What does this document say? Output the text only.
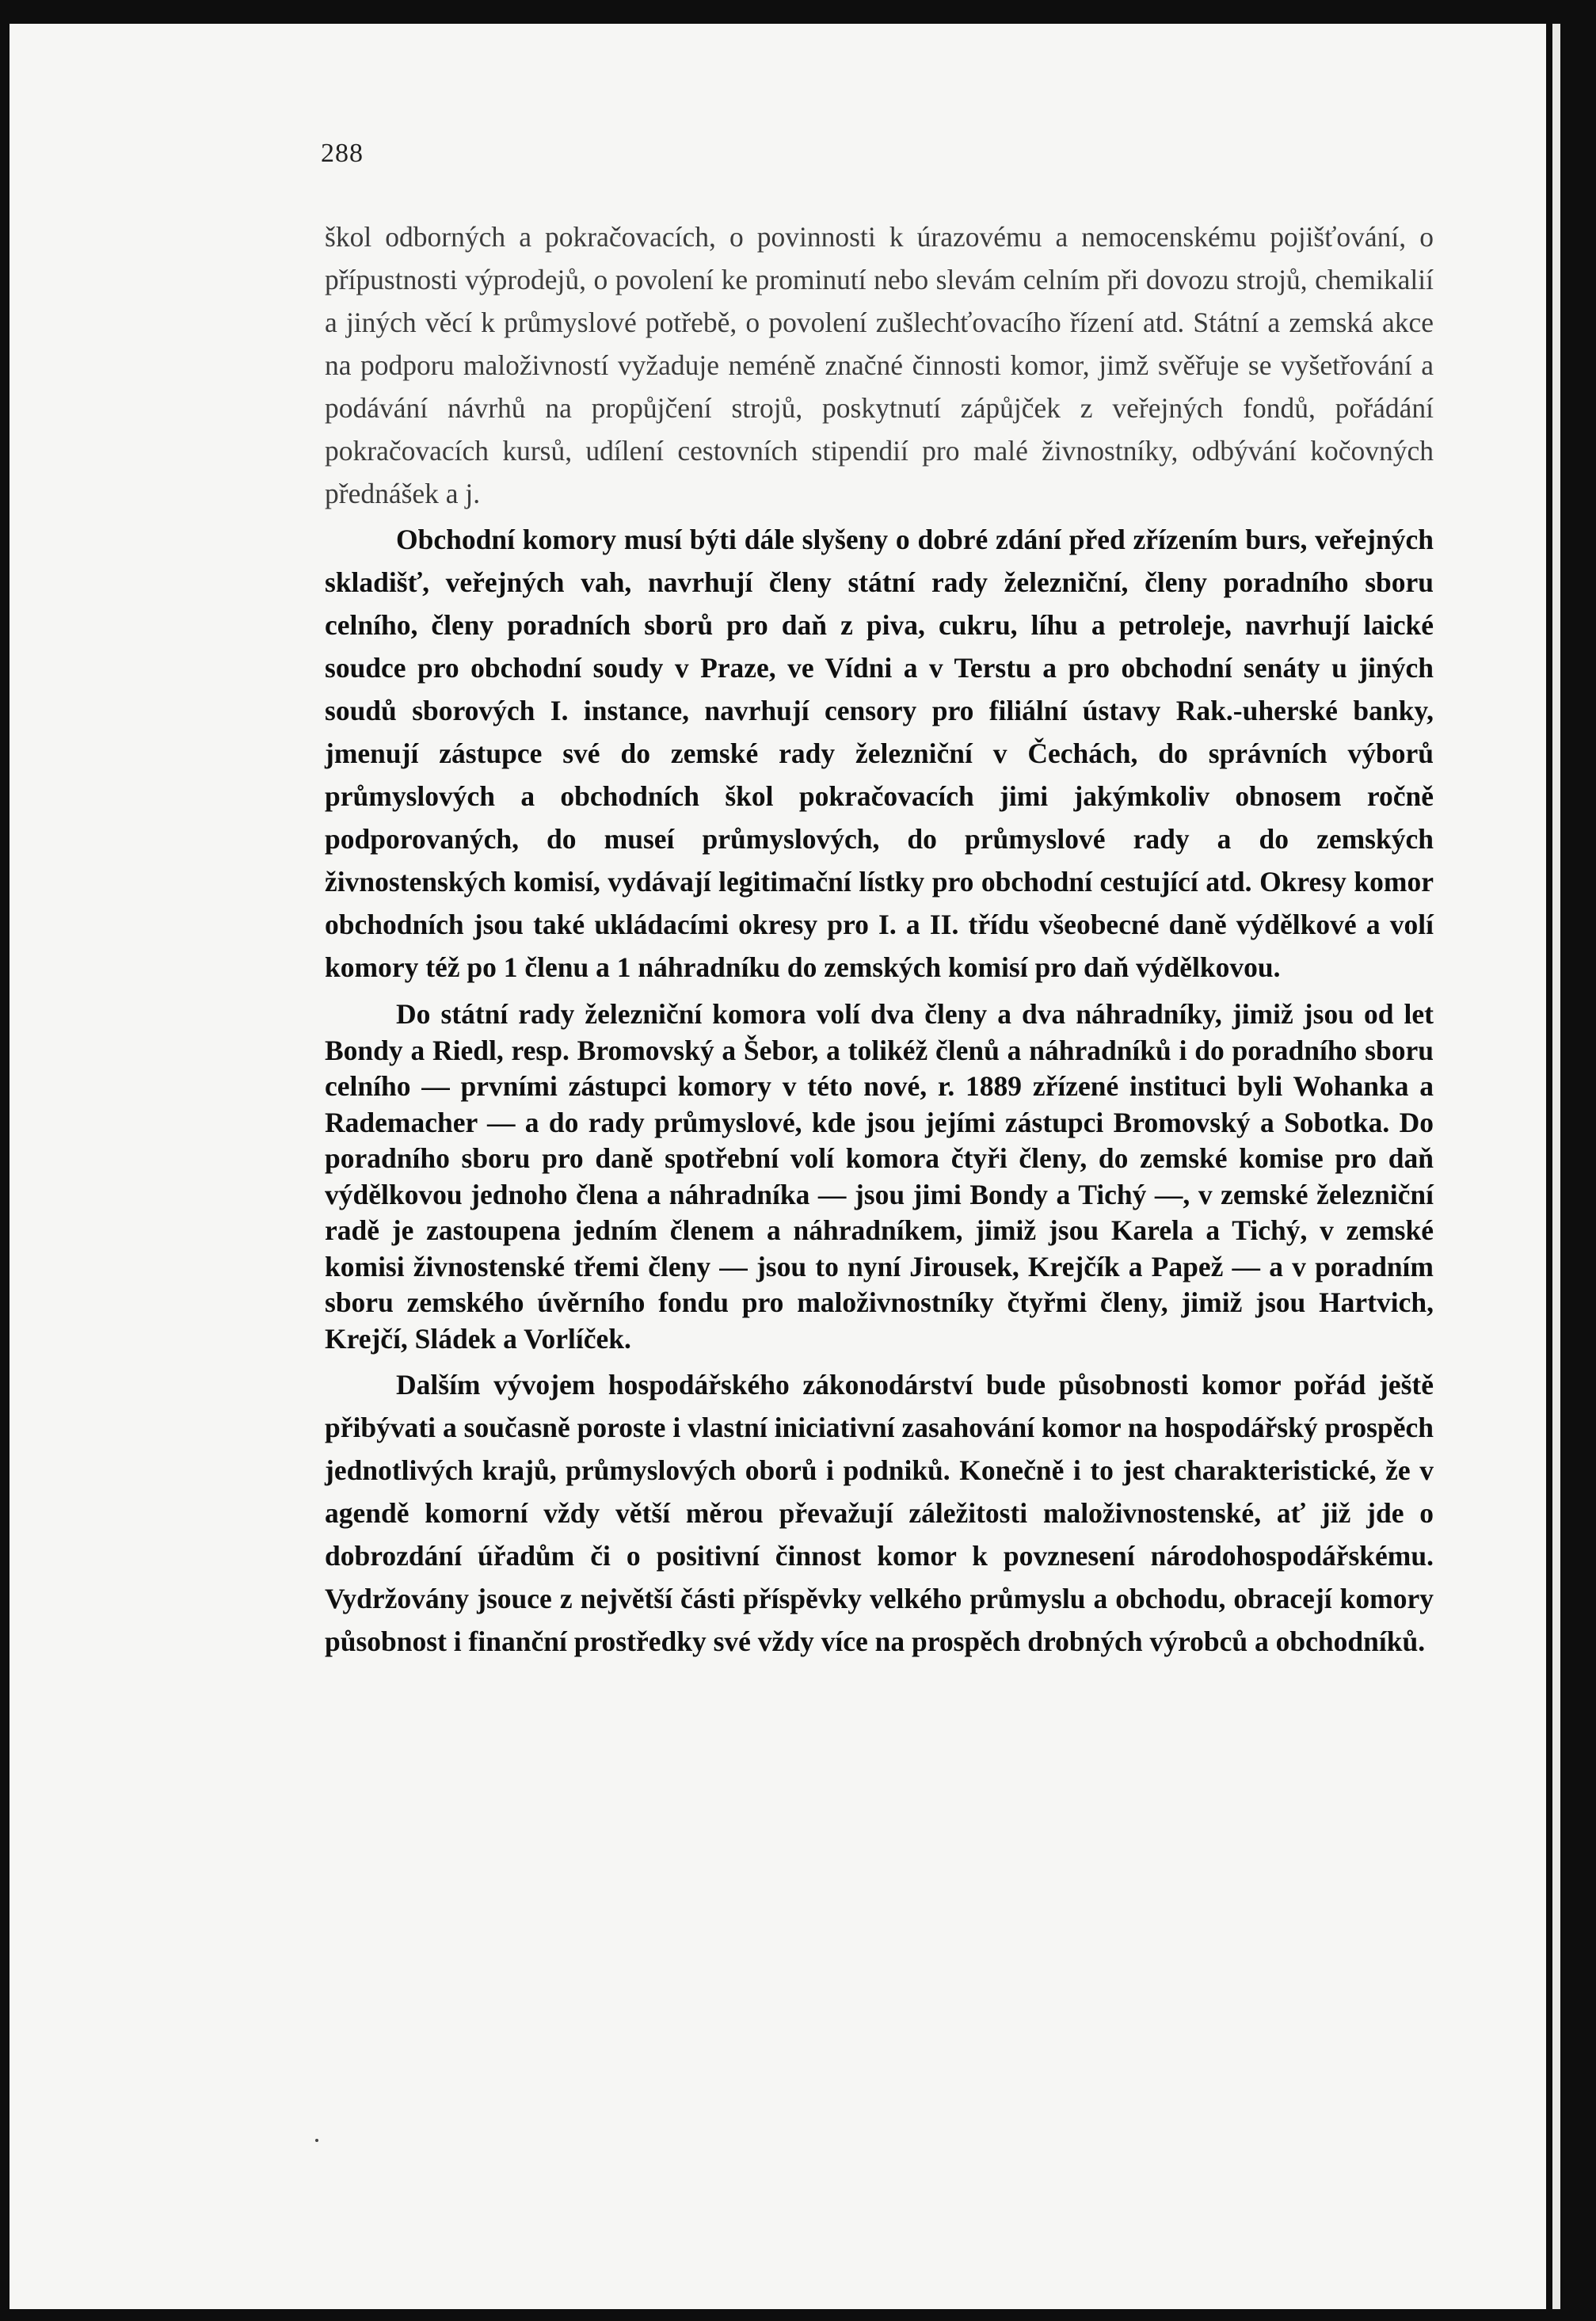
288

škol odborných a pokračovacích, o povinnosti k úrazovému a nemocenskému pojišťování, o přípustnosti výprodejů, o povolení ke prominutí nebo slevám celním při dovozu strojů, chemikalií a jiných věcí k průmyslové potřebě, o povolení zušlechťovacího řízení atd. Státní a zemská akce na podporu maloživností vyžaduje neméně značné činnosti komor, jimž svěřuje se vyšetřování a podávání návrhů na propůjčení strojů, poskytnutí zápůjček z veřejných fondů, pořádání pokračovacích kursů, udílení cestovních stipendií pro malé živnostníky, odbývání kočovných přednášek a j.

Obchodní komory musí býti dále slyšeny o dobré zdání před zřízením burs, veřejných skladišť, veřejných vah, navrhují členy státní rady železniční, členy poradního sboru celního, členy poradních sborů pro daň z piva, cukru, líhu a petroleje, navrhují laické soudce pro obchodní soudy v Praze, ve Vídni a v Terstu a pro obchodní senáty u jiných soudů sborových I. instance, navrhují censory pro filiální ústavy Rak.-uherské banky, jmenují zástupce své do zemské rady železniční v Čechách, do správních výborů průmyslových a obchodních škol pokračovacích jimi jakýmkoliv obnosem ročně podporovaných, do museí průmyslových, do průmyslové rady a do zemských živnostenských komisí, vydávají legitimační lístky pro obchodní cestující atd. Okresy komor obchodních jsou také ukládacími okresy pro I. a II. třídu všeobecné daně výdělkové a volí komory též po 1 členu a 1 náhradníku do zemských komisí pro daň výdělkovou.

Do státní rady železniční komora volí dva členy a dva náhradníky, jimiž jsou od let Bondy a Riedl, resp. Bromovský a Šebor, a tolikéž členů a náhradníků i do poradního sboru celního — prvními zástupci komory v této nové, r. 1889 zřízené instituci byli Wohanka a Rademacher — a do rady průmyslové, kde jsou jejími zástupci Bromovský a Sobotka. Do poradního sboru pro daně spotřební volí komora čtyři členy, do zemské komise pro daň výdělkovou jednoho člena a náhradníka — jsou jimi Bondy a Tichý —, v zemské železniční radě je zastoupena jedním členem a náhradníkem, jimiž jsou Karela a Tichý, v zemské komisi živnostenské třemi členy — jsou to nyní Jirousek, Krejčík a Papež — a v poradním sboru zemského úvěrního fondu pro maloživnostníky čtyřmi členy, jimiž jsou Hartvich, Krejčí, Sládek a Vorlíček.

Dalším vývojem hospodářského zákonodárství bude působnosti komor pořád ještě přibývati a současně poroste i vlastní iniciativní zasahování komor na hospodářský prospěch jednotlivých krajů, průmyslových oborů i podniků. Konečně i to jest charakteristické, že v agendě komorní vždy větší měrou převažují záležitosti maloživnostenské, ať již jde o dobrozdání úřadům či o positivní činnost komor k povznesení národohospodářskému. Vydržovány jsouce z největší části příspěvky velkého průmyslu a obchodu, obracejí komory působnost i finanční prostředky své vždy více na prospěch drobných výrobců a obchodníků.
